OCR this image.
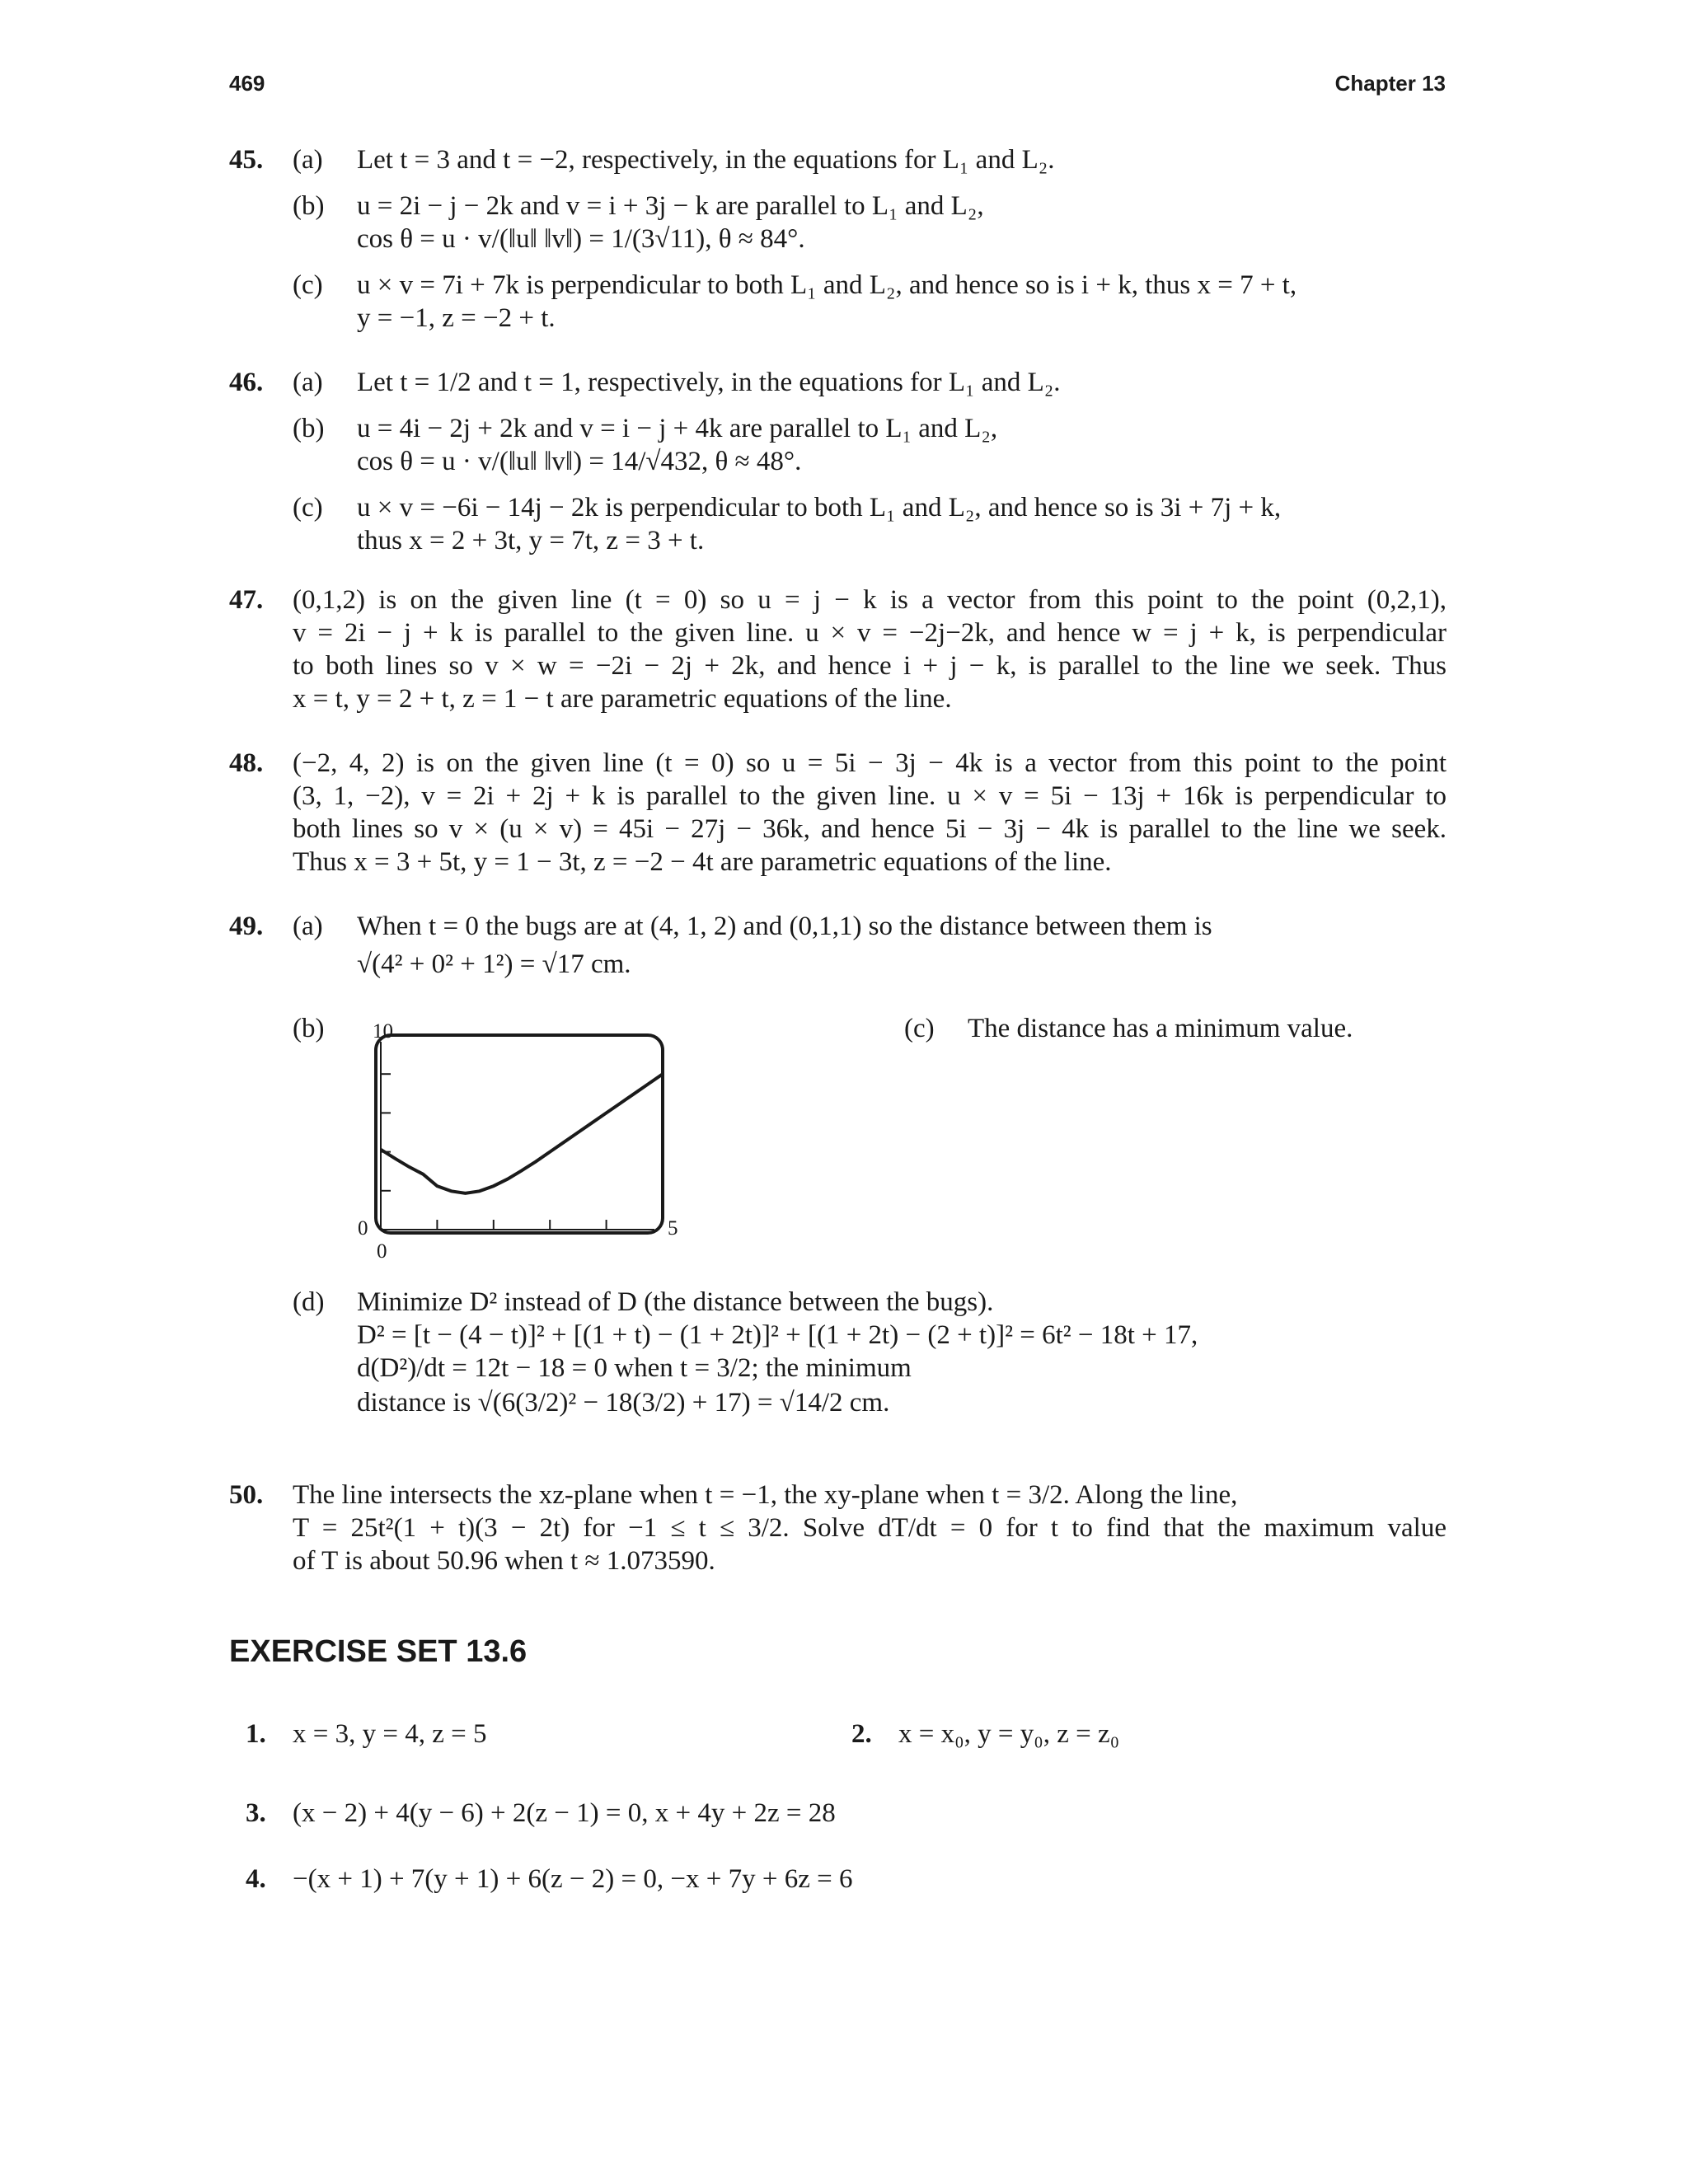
469	Chapter 13
45. (a) Let t = 3 and t = −2, respectively, in the equations for L₁ and L₂.
(b) u = 2i − j − 2k and v = i + 3j − k are parallel to L₁ and L₂,
cos θ = u · v/(‖u‖ ‖v‖) = 1/(3√11), θ ≈ 84°.
(c) u × v = 7i + 7k is perpendicular to both L₁ and L₂, and hence so is i + k, thus x = 7 + t,
y = −1, z = −2 + t.
46. (a) Let t = 1/2 and t = 1, respectively, in the equations for L₁ and L₂.
(b) u = 4i − 2j + 2k and v = i − j + 4k are parallel to L₁ and L₂,
cos θ = u · v/(‖u‖ ‖v‖) = 14/√432, θ ≈ 48°.
(c) u × v = −6i − 14j − 2k is perpendicular to both L₁ and L₂, and hence so is 3i + 7j + k,
thus x = 2 + 3t, y = 7t, z = 3 + t.
47. (0,1,2) is on the given line (t = 0) so u = j − k is a vector from this point to the point (0,2,1),
v = 2i − j + k is parallel to the given line. u × v = −2j−2k, and hence w = j + k, is perpendicular
to both lines so v × w = −2i − 2j + 2k, and hence i + j − k, is parallel to the line we seek. Thus
x = t, y = 2 + t, z = 1 − t are parametric equations of the line.
48. (−2, 4, 2) is on the given line (t = 0) so u = 5i − 3j − 4k is a vector from this point to the point
(3, 1, −2), v = 2i + 2j + k is parallel to the given line. u × v = 5i − 13j + 16k is perpendicular to
both lines so v × (u × v) = 45i − 27j − 36k, and hence 5i − 3j − 4k is parallel to the line we seek.
Thus x = 3 + 5t, y = 1 − 3t, z = −2 − 4t are parametric equations of the line.
49. (a) When t = 0 the bugs are at (4, 1, 2) and (0,1,1) so the distance between them is
√(4² + 0² + 1²) = √17 cm.
(b)	(c) The distance has a minimum value.
(d) Minimize D² instead of D (the distance between the bugs).
D² = [t − (4 − t)]² + [(1 + t) − (1 + 2t)]² + [(1 + 2t) − (2 + t)]² = 6t² − 18t + 17,
d(D²)/dt = 12t − 18 = 0 when t = 3/2; the minimum
distance is √(6(3/2)² − 18(3/2) + 17) = √14/2 cm.
10
0
0
5
50. The line intersects the xz-plane when t = −1, the xy-plane when t = 3/2. Along the line,
T = 25t²(1 + t)(3 − 2t) for −1 ≤ t ≤ 3/2. Solve dT/dt = 0 for t to find that the maximum value
of T is about 50.96 when t ≈ 1.073590.
EXERCISE SET 13.6
1. x = 3, y = 4, z = 5	2. x = x₀, y = y₀, z = z₀
3. (x − 2) + 4(y − 6) + 2(z − 1) = 0, x + 4y + 2z = 28
4. −(x + 1) + 7(y + 1) + 6(z − 2) = 0, −x + 7y + 6z = 6
